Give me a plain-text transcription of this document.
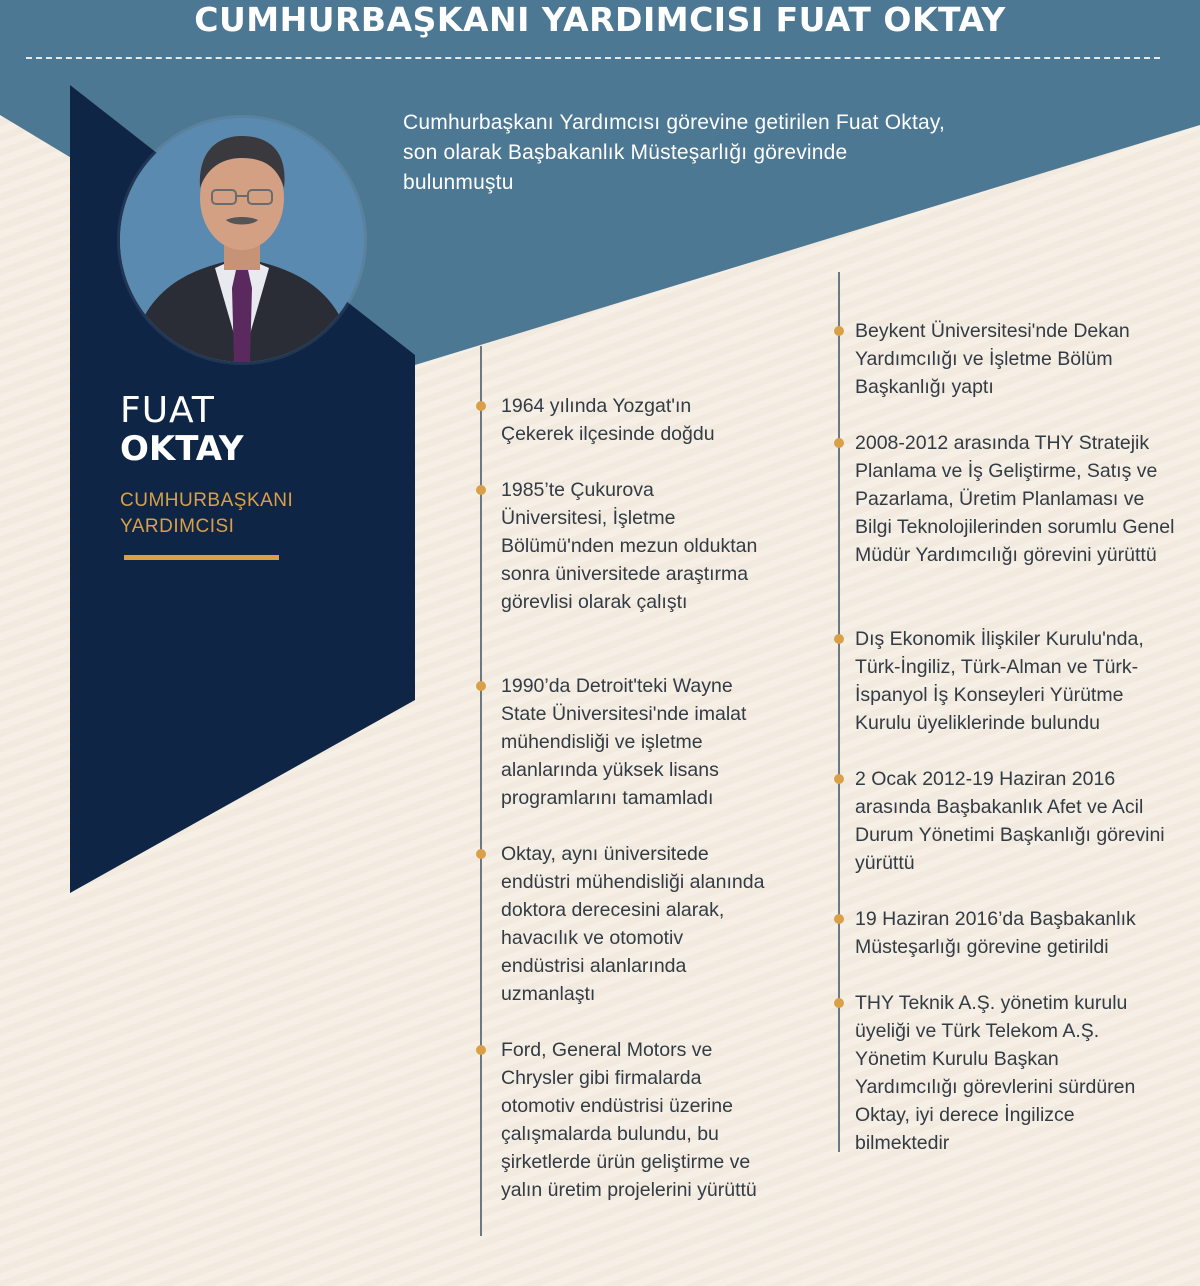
CUMHURBAŞKANI YARDIMCISI FUAT OKTAY
Cumhurbaşkanı Yardımcısı görevine getirilen Fuat Oktay, son olarak Başbakanlık Müsteşarlığı görevinde bulunmuştu
FUAT
OKTAY
CUMHURBAŞKANI
YARDIMCISI
1964 yılında Yozgat'ın Çekerek ilçesinde doğdu
1985’te Çukurova Üniversitesi, İşletme Bölümü'nden mezun olduktan sonra üniversitede araştırma görevlisi olarak çalıştı
1990’da Detroit'teki Wayne State Üniversitesi'nde imalat mühendisliği ve işletme alanlarında yüksek lisans programlarını tamamladı
Oktay, aynı üniversitede endüstri mühendisliği alanında doktora derecesini alarak, havacılık ve otomotiv endüstrisi alanlarında uzmanlaştı
Ford, General Motors ve Chrysler gibi firmalarda otomotiv endüstrisi üzerine çalışmalarda bulundu, bu şirketlerde ürün geliştirme ve yalın üretim projelerini yürüttü
Beykent Üniversitesi'nde Dekan Yardımcılığı ve İşletme Bölüm Başkanlığı yaptı
2008-2012 arasında THY Stratejik Planlama ve İş Geliştirme, Satış ve Pazarlama, Üretim Planlaması ve Bilgi Teknolojilerinden sorumlu Genel Müdür Yardımcılığı görevini yürüttü
Dış Ekonomik İlişkiler Kurulu'nda, Türk-İngiliz, Türk-Alman ve Türk-İspanyol İş Konseyleri Yürütme Kurulu üyeliklerinde bulundu
2 Ocak 2012-19 Haziran 2016 arasında Başbakanlık Afet ve Acil Durum Yönetimi Başkanlığı görevini yürüttü
19 Haziran 2016’da Başbakanlık Müsteşarlığı görevine getirildi
THY Teknik A.Ş. yönetim kurulu üyeliği ve Türk Telekom A.Ş. Yönetim Kurulu Başkan Yardımcılığı görevlerini sürdüren Oktay, iyi derece İngilizce bilmektedir
